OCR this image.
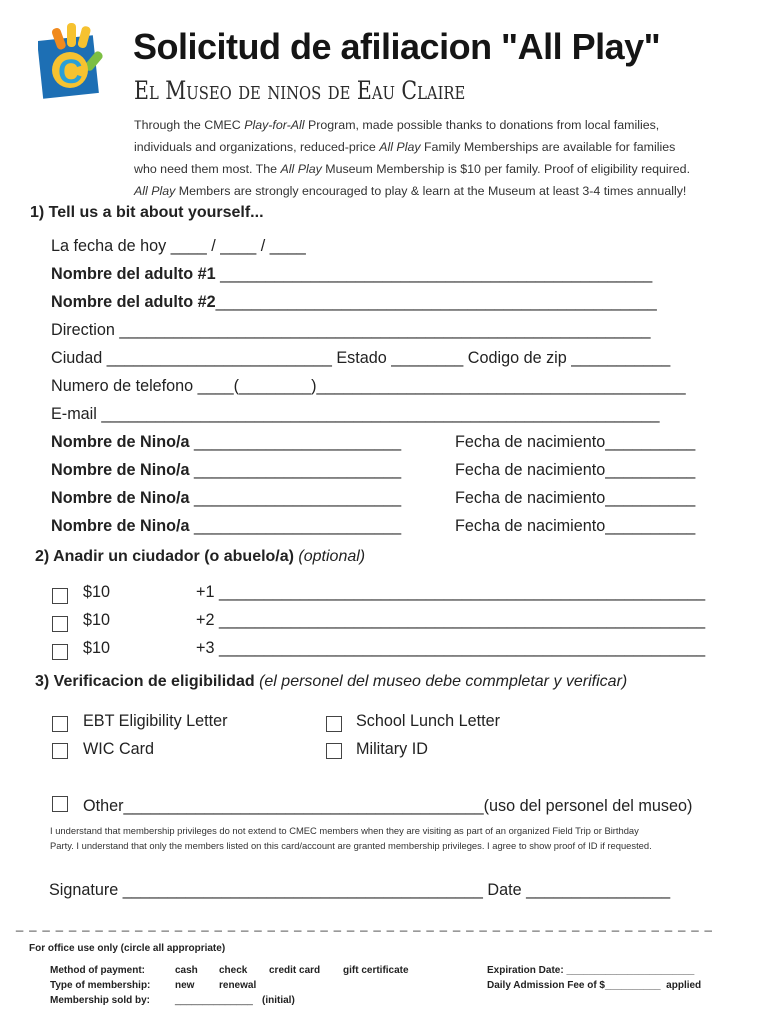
C
Solicitud de afiliacion "All Play"
El Museo de ninos de Eau Claire

Through the CMEC Play-for-All Program, made possible thanks to donations from local families,

individuals and organizations, reduced-price All Play Family Memberships are available for families

who need them most. The All Play Museum Membership is $10 per family. Proof of eligibility required.

All Play Members are strongly encouraged to play & learn at the Museum at least 3-4 times annually!

1) Tell us a bit about yourself...
La fecha de hoy ____ / ____ / ____
Nombre del adulto #1 ________________________________________________
Nombre del adulto #2_________________________________________________
Direction ___________________________________________________________
Ciudad _________________________ Estado ________ Codigo de zip ___________
Numero de telefono ____(________)_________________________________________
E-mail ______________________________________________________________
Nombre de Nino/a _______________________	Fecha de nacimiento__________
Nombre de Nino/a _______________________	Fecha de nacimiento__________
Nombre de Nino/a _______________________	Fecha de nacimiento__________
Nombre de Nino/a _______________________	Fecha de nacimiento__________
2) Anadir un ciudador (o abuelo/a) (optional)
$10	+1 ______________________________________________________
$10	+2 ______________________________________________________
$10	+3 ______________________________________________________
3) Verificacion de eligibilidad (el personel del museo debe commpletar y verificar)
EBT Eligibility Letter	School Lunch Letter
WIC Card	Military ID
Other________________________________________(uso del personel del museo)

I understand that membership privileges do not extend to CMEC members when they are visiting as part of an organized Field Trip or Birthday

Party. I understand that only the members listed on this card/account are granted membership privileges. I agree to show proof of ID if requested.

Signature ________________________________________ Date ________________
_ _ _ _ _ _ _ _ _ _ _ _ _ _ _ _ _ _ _ _ _ _ _ _ _ _ _ _ _ _ _ _ _ _ _ _ _ _ _ _ _ _ _ _ _ _ _ _ _ _ _ _ _
For office use only (circle all appropriate)
Method of payment:	cash check credit card gift certificate
Type of membership: new renewal
Membership sold by: ______________ (initial)
Expiration Date: _______________________
Daily Admission Fee of $__________  applied
